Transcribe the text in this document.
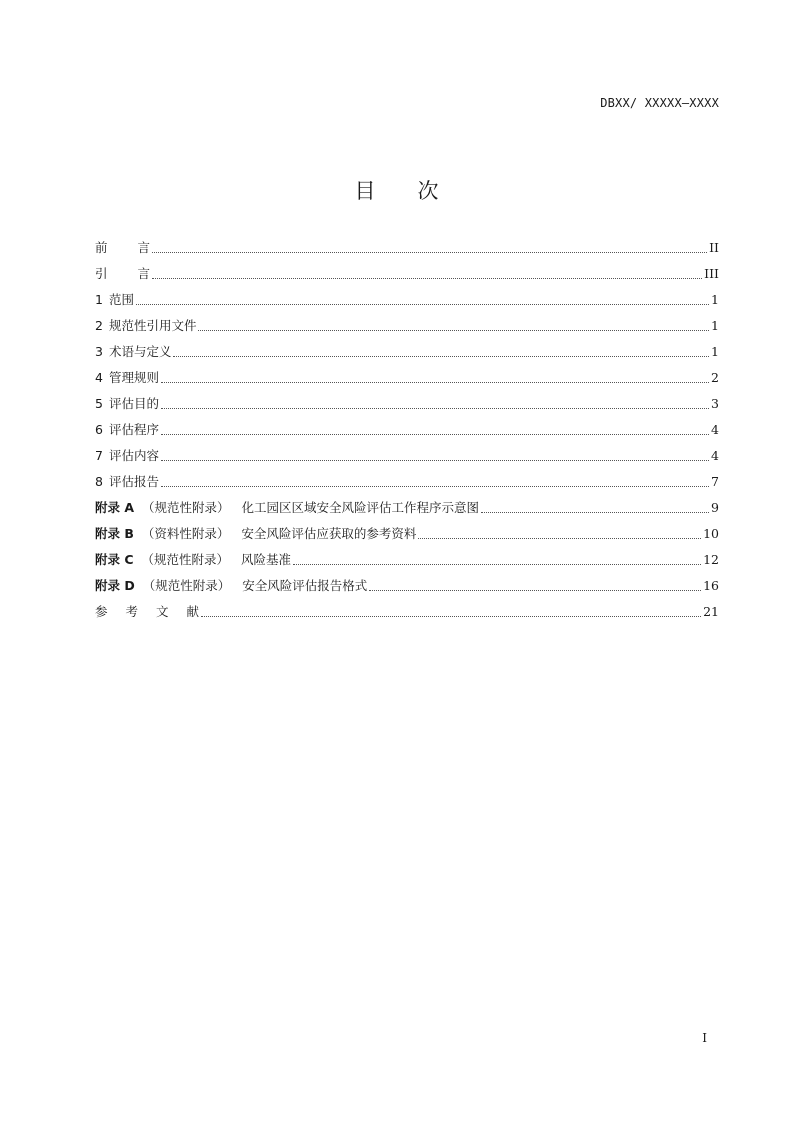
DBXX/ XXXXX—XXXX
目 次
前 言	II
引 言	III
1 范围	1
2 规范性引用文件	1
3 术语与定义	1
4 管理规则	2
5 评估目的	3
6 评估程序	4
7 评估内容	4
8 评估报告	7
附录 A （规范性附录） 化工园区区域安全风险评估工作程序示意图	9
附录 B （资料性附录） 安全风险评估应获取的参考资料	10
附录 C （规范性附录） 风险基准	12
附录 D （规范性附录） 安全风险评估报告格式	16
参 考 文 献	21
I
